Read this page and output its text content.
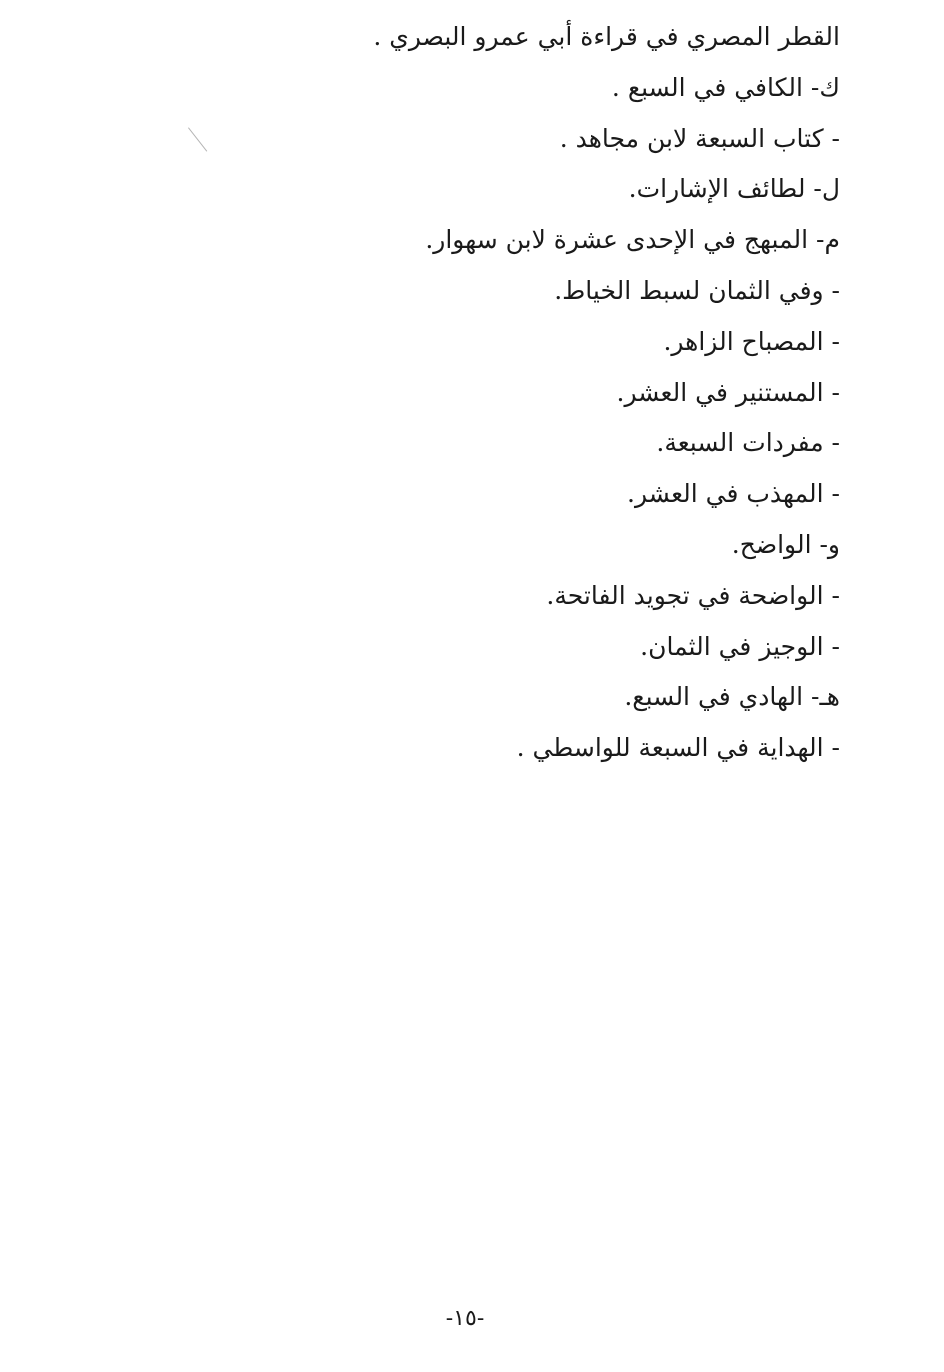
القطر المصري في قراءة أبي عمرو البصري .
ك- الكافي في السبع .
- كتاب السبعة لابن مجاهد .
ل- لطائف الإشارات.
م- المبهج في الإحدى عشرة لابن سهوار.
- وفي الثمان لسبط الخياط.
- المصباح الزاهر.
- المستنير في العشر.
- مفردات السبعة.
- المهذب في العشر.
و- الواضح.
- الواضحة في تجويد الفاتحة.
- الوجيز في الثمان.
هـ- الهادي في السبع.
- الهداية في السبعة للواسطي .
-١٥-
